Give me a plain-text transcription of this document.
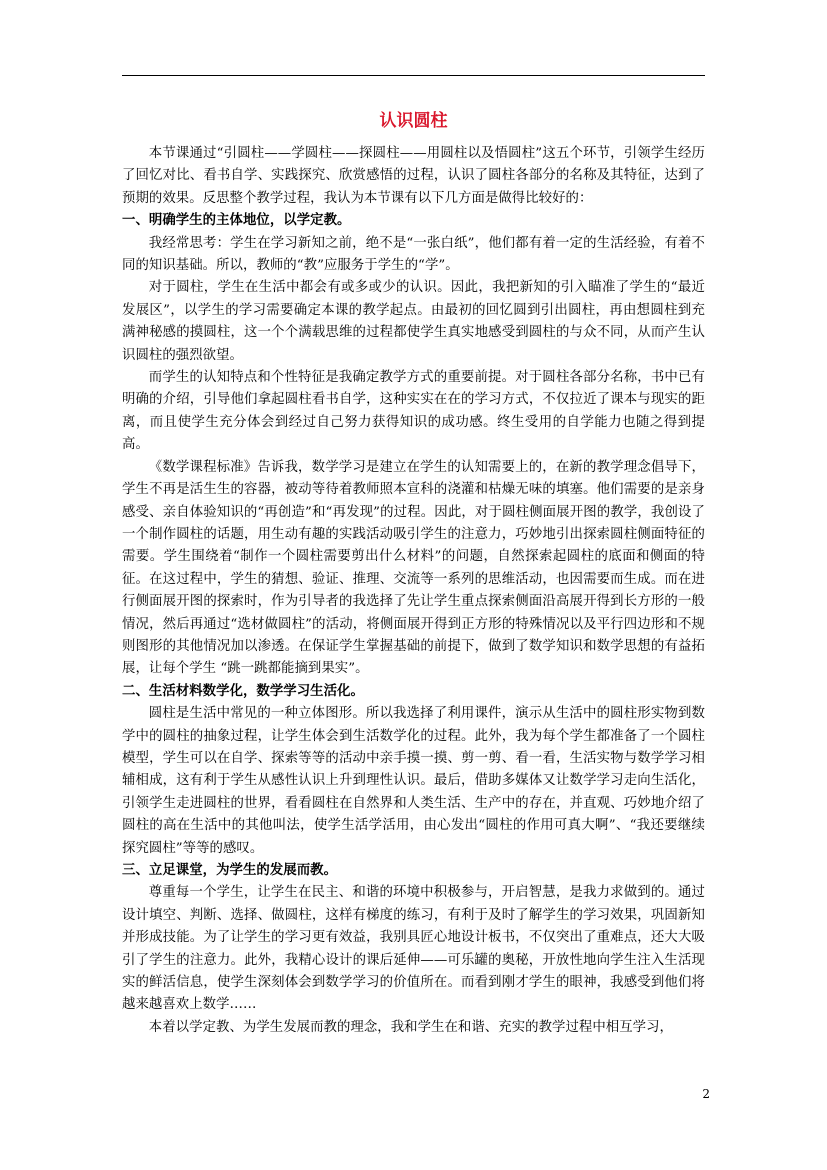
认识圆柱

本节课通过“引圆柱——学圆柱——探圆柱——用圆柱以及悟圆柱”这五个环节，引领学生经历了回忆对比、看书自学、实践探究、欣赏感悟的过程，认识了圆柱各部分的名称及其特征，达到了预期的效果。反思整个教学过程，我认为本节课有以下几方面是做得比较好的：

一、明确学生的主体地位，以学定教。

我经常思考：学生在学习新知之前，绝不是“一张白纸”，他们都有着一定的生活经验，有着不同的知识基础。所以，教师的“教”应服务于学生的“学”。

对于圆柱，学生在生活中都会有或多或少的认识。因此，我把新知的引入瞄准了学生的“最近发展区”，以学生的学习需要确定本课的教学起点。由最初的回忆圆到引出圆柱，再由想圆柱到充满神秘感的摸圆柱，这一个个满载思维的过程都使学生真实地感受到圆柱的与众不同，从而产生认识圆柱的强烈欲望。

而学生的认知特点和个性特征是我确定教学方式的重要前提。对于圆柱各部分名称，书中已有明确的介绍，引导他们拿起圆柱看书自学，这种实实在在的学习方式，不仅拉近了课本与现实的距离，而且使学生充分体会到经过自己努力获得知识的成功感。终生受用的自学能力也随之得到提高。

《数学课程标准》告诉我，数学学习是建立在学生的认知需要上的，在新的教学理念倡导下，学生不再是活生生的容器，被动等待着教师照本宣科的浇灌和枯燥无味的填塞。他们需要的是亲身感受、亲自体验知识的“再创造”和“再发现”的过程。因此，对于圆柱侧面展开图的教学，我创设了一个制作圆柱的话题，用生动有趣的实践活动吸引学生的注意力，巧妙地引出探索圆柱侧面特征的需要。学生围绕着“制作一个圆柱需要剪出什么材料”的问题，自然探索起圆柱的底面和侧面的特征。在这过程中，学生的猜想、验证、推理、交流等一系列的思维活动，也因需要而生成。而在进行侧面展开图的探索时，作为引导者的我选择了先让学生重点探索侧面沿高展开得到长方形的一般情况，然后再通过“选材做圆柱”的活动，将侧面展开得到正方形的特殊情况以及平行四边形和不规则图形的其他情况加以渗透。在保证学生掌握基础的前提下，做到了数学知识和数学思想的有益拓展，让每个学生 “跳一跳都能摘到果实”。

二、生活材料数学化，数学学习生活化。

圆柱是生活中常见的一种立体图形。所以我选择了利用课件，演示从生活中的圆柱形实物到数学中的圆柱的抽象过程，让学生体会到生活数学化的过程。此外，我为每个学生都准备了一个圆柱模型，学生可以在自学、探索等等的活动中亲手摸一摸、剪一剪、看一看，生活实物与数学学习相辅相成，这有利于学生从感性认识上升到理性认识。最后，借助多媒体又让数学学习走向生活化，引领学生走进圆柱的世界，看看圆柱在自然界和人类生活、生产中的存在，并直观、巧妙地介绍了圆柱的高在生活中的其他叫法，使学生活学活用，由心发出“圆柱的作用可真大啊”、“我还要继续探究圆柱”等等的感叹。

三、立足课堂，为学生的发展而教。

尊重每一个学生，让学生在民主、和谐的环境中积极参与，开启智慧，是我力求做到的。通过设计填空、判断、选择、做圆柱，这样有梯度的练习，有利于及时了解学生的学习效果，巩固新知并形成技能。为了让学生的学习更有效益，我别具匠心地设计板书，不仅突出了重难点，还大大吸引了学生的注意力。此外，我精心设计的课后延伸——可乐罐的奥秘，开放性地向学生注入生活现实的鲜活信息，使学生深刻体会到数学学习的价值所在。而看到刚才学生的眼神，我感受到他们将越来越喜欢上数学……

本着以学定教、为学生发展而教的理念，我和学生在和谐、充实的教学过程中相互学习，

2
